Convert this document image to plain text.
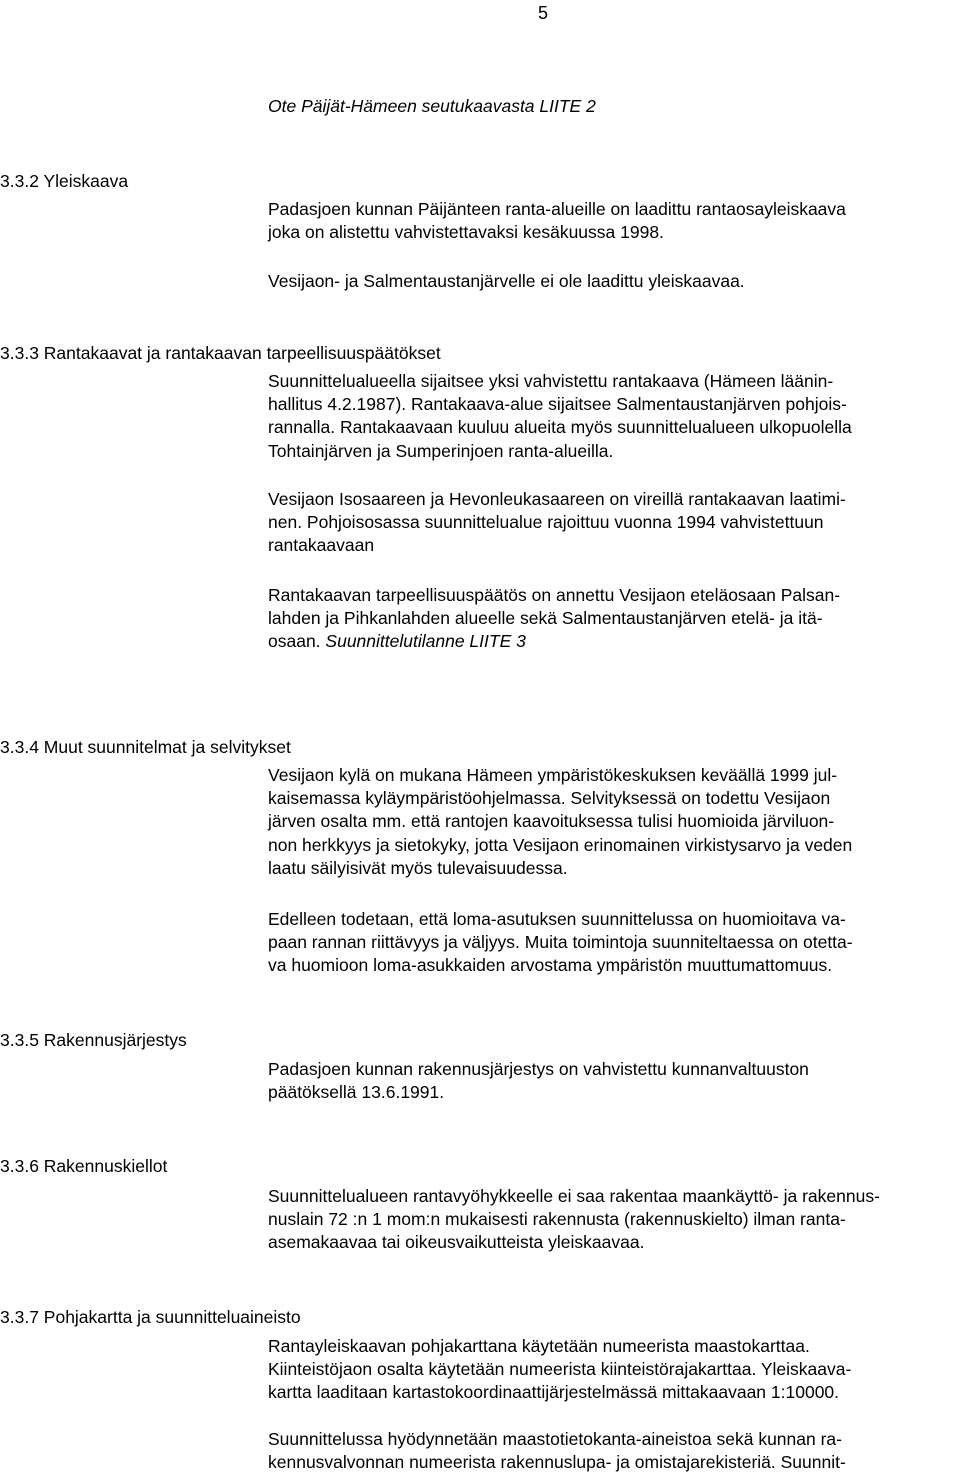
5
Ote Päijät-Hämeen seutukaavasta LIITE 2
3.3.2 Yleiskaava
Padasjoen kunnan Päijänteen ranta-alueille on laadittu rantaosayleiskaava
joka on alistettu vahvistettavaksi kesäkuussa 1998.
Vesijaon- ja Salmentaustanjärvelle ei ole laadittu yleiskaavaa.
3.3.3 Rantakaavat ja rantakaavan tarpeellisuuspäätökset
Suunnittelualueella sijaitsee yksi vahvistettu rantakaava (Hämeen läänin-
hallitus 4.2.1987). Rantakaava-alue sijaitsee Salmentaustanjärven pohjois-
rannalla. Rantakaavaan kuuluu alueita myös suunnittelualueen ulkopuolella
Tohtainjärven ja Sumperinjoen ranta-alueilla.
Vesijaon Isosaareen ja Hevonleukasaareen on vireillä rantakaavan laatimi-
nen. Pohjoisosassa suunnittelualue rajoittuu vuonna 1994 vahvistettuun
rantakaavaan
Rantakaavan tarpeellisuuspäätös on annettu Vesijaon eteläosaan Palsan-
lahden ja Pihkanlahden alueelle sekä Salmentaustanjärven etelä- ja itä-
osaan. Suunnittelutilanne LIITE 3
3.3.4 Muut suunnitelmat ja selvitykset
Vesijaon kylä on mukana Hämeen ympäristökeskuksen keväällä 1999 jul-
kaisemassa kyläympäristöohjelmassa. Selvityksessä on todettu Vesijaon
järven osalta mm. että rantojen kaavoituksessa tulisi huomioida järviluon-
non herkkyys ja sietokyky, jotta Vesijaon erinomainen virkistysarvo ja veden
laatu säilyisivät myös tulevaisuudessa.
Edelleen todetaan, että loma-asutuksen suunnittelussa on huomioitava va-
paan rannan riittävyys ja väljyys. Muita toimintoja suunniteltaessa on otetta-
va huomioon loma-asukkaiden arvostama ympäristön muuttumattomuus.
3.3.5 Rakennusjärjestys
Padasjoen kunnan rakennusjärjestys on vahvistettu kunnanvaltuuston
päätöksellä 13.6.1991.
3.3.6 Rakennuskiellot
Suunnittelualueen rantavyöhykkeelle ei saa rakentaa maankäyttö- ja rakennus-
nuslain 72 :n 1 mom:n mukaisesti rakennusta (rakennuskielto) ilman ranta-
asemakaavaa tai oikeusvaikutteista yleiskaavaa.
3.3.7 Pohjakartta ja suunnitteluaineisto
Rantayleiskaavan pohjakarttana käytetään numeerista maastokarttaa.
Kiinteistöjaon osalta käytetään numeerista kiinteistörajakarttaa. Yleiskaava-
kartta laaditaan kartastokoordinaattijärjestelmässä mittakaavaan 1:10000.
Suunnittelussa hyödynnetään maastotietokanta-aineistoa sekä kunnan ra-
kennusvalvonnan numeerista rakennuslupa- ja omistajarekisteriä. Suunnit-
